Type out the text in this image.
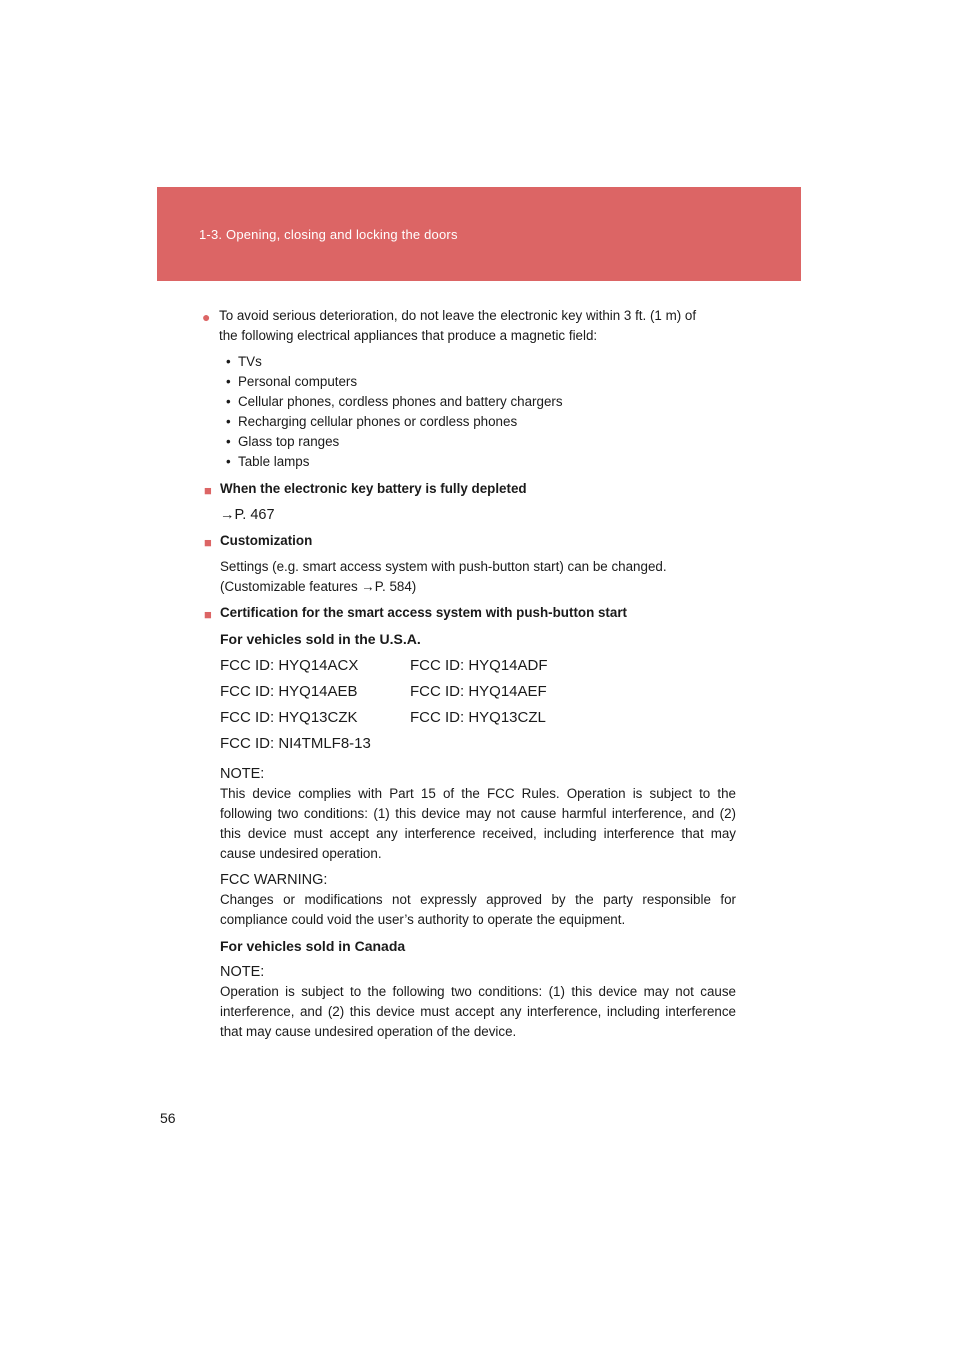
1-3. Opening, closing and locking the doors
● To avoid serious deterioration, do not leave the electronic key within 3 ft. (1 m) of
the following electrical appliances that produce a magnetic field:
• TVs
• Personal computers
• Cellular phones, cordless phones and battery chargers
• Recharging cellular phones or cordless phones
• Glass top ranges
• Table lamps
■ When the electronic key battery is fully depleted
→P. 467
■ Customization
Settings (e.g. smart access system with push-button start) can be changed.
(Customizable features →P. 584)
■ Certification for the smart access system with push-button start
For vehicles sold in the U.S.A.
FCC ID: HYQ14ACX	FCC ID: HYQ14ADF
FCC ID: HYQ14AEB	FCC ID: HYQ14AEF
FCC ID: HYQ13CZK	FCC ID: HYQ13CZL
FCC ID: NI4TMLF8-13
NOTE:

This device complies with Part 15 of the FCC Rules. Operation is subject to the following two conditions: (1) this device may not cause harmful interference, and (2) this device must accept any interference received, including interference that may cause undesired operation.

FCC WARNING:

Changes or modifications not expressly approved by the party responsible for compliance could void the user’s authority to operate the equipment.

For vehicles sold in Canada
NOTE:

Operation is subject to the following two conditions: (1) this device may not cause interference, and (2) this device must accept any interference, including interference that may cause undesired operation of the device.

56
